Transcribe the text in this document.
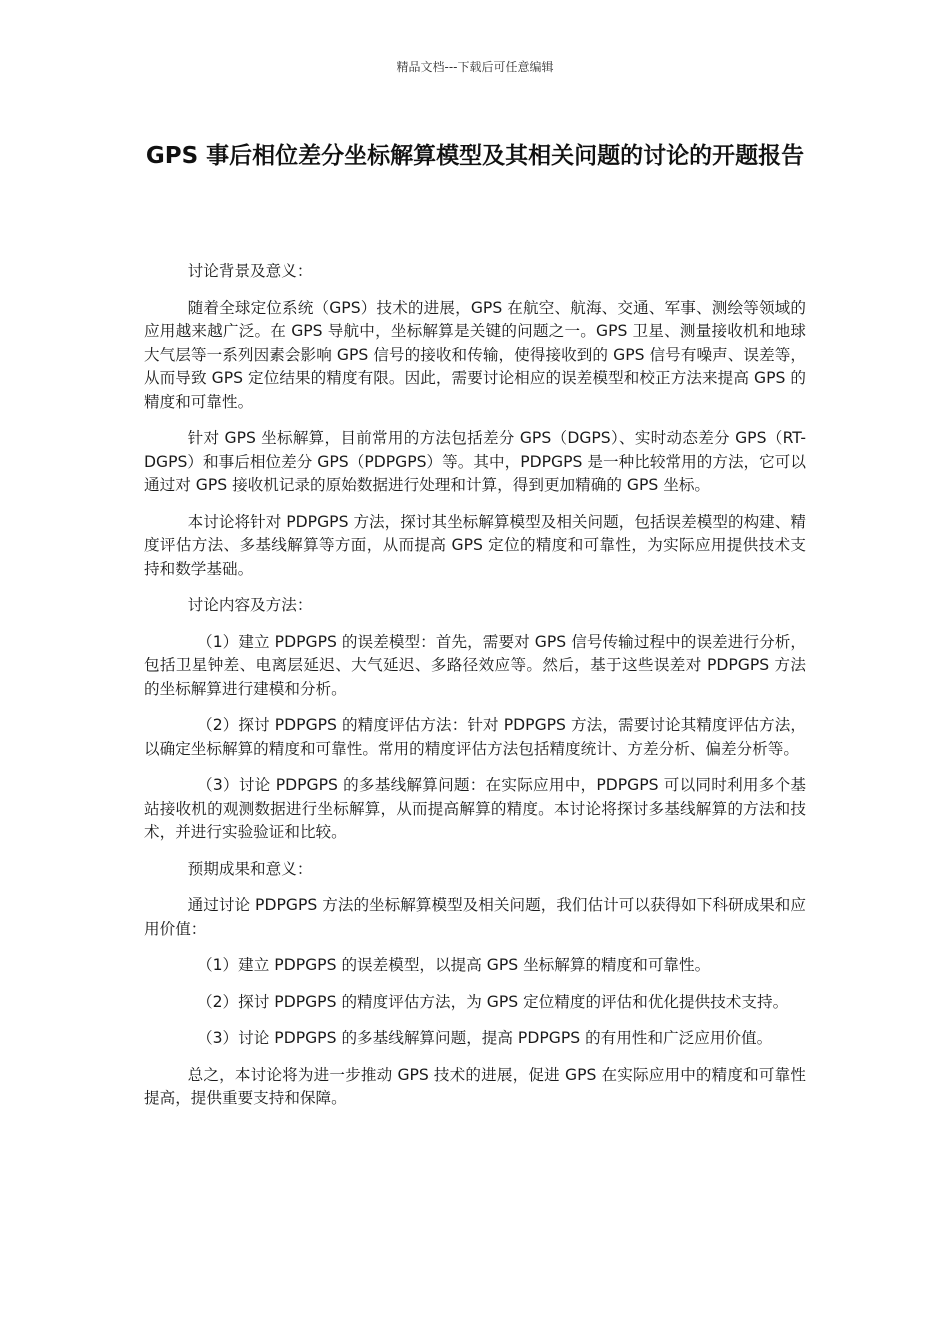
精品文档---下载后可任意编辑
GPS 事后相位差分坐标解算模型及其相关问题的讨论的开题报告

讨论背景及意义：

随着全球定位系统（GPS）技术的进展，GPS 在航空、航海、交通、军事、测绘等领域的应用越来越广泛。在 GPS 导航中，坐标解算是关键的问题之一。GPS 卫星、测量接收机和地球大气层等一系列因素会影响 GPS 信号的接收和传输，使得接收到的 GPS 信号有噪声、误差等，从而导致 GPS 定位结果的精度有限。因此，需要讨论相应的误差模型和校正方法来提高 GPS 的精度和可靠性。

针对 GPS 坐标解算，目前常用的方法包括差分 GPS（DGPS）、实时动态差分 GPS（RT-DGPS）和事后相位差分 GPS（PDPGPS）等。其中，PDPGPS 是一种比较常用的方法，它可以通过对 GPS 接收机记录的原始数据进行处理和计算，得到更加精确的 GPS 坐标。

本讨论将针对 PDPGPS 方法，探讨其坐标解算模型及相关问题，包括误差模型的构建、精度评估方法、多基线解算等方面，从而提高 GPS 定位的精度和可靠性，为实际应用提供技术支持和数学基础。

讨论内容及方法：

（1）建立 PDPGPS 的误差模型：首先，需要对 GPS 信号传输过程中的误差进行分析，包括卫星钟差、电离层延迟、大气延迟、多路径效应等。然后，基于这些误差对 PDPGPS 方法的坐标解算进行建模和分析。

（2）探讨 PDPGPS 的精度评估方法：针对 PDPGPS 方法，需要讨论其精度评估方法，以确定坐标解算的精度和可靠性。常用的精度评估方法包括精度统计、方差分析、偏差分析等。

（3）讨论 PDPGPS 的多基线解算问题：在实际应用中，PDPGPS 可以同时利用多个基站接收机的观测数据进行坐标解算，从而提高解算的精度。本讨论将探讨多基线解算的方法和技术，并进行实验验证和比较。

预期成果和意义：

通过讨论 PDPGPS 方法的坐标解算模型及相关问题，我们估计可以获得如下科研成果和应用价值：

（1）建立 PDPGPS 的误差模型，以提高 GPS 坐标解算的精度和可靠性。

（2）探讨 PDPGPS 的精度评估方法，为 GPS 定位精度的评估和优化提供技术支持。

（3）讨论 PDPGPS 的多基线解算问题，提高 PDPGPS 的有用性和广泛应用价值。

总之，本讨论将为进一步推动 GPS 技术的进展，促进 GPS 在实际应用中的精度和可靠性提高，提供重要支持和保障。
